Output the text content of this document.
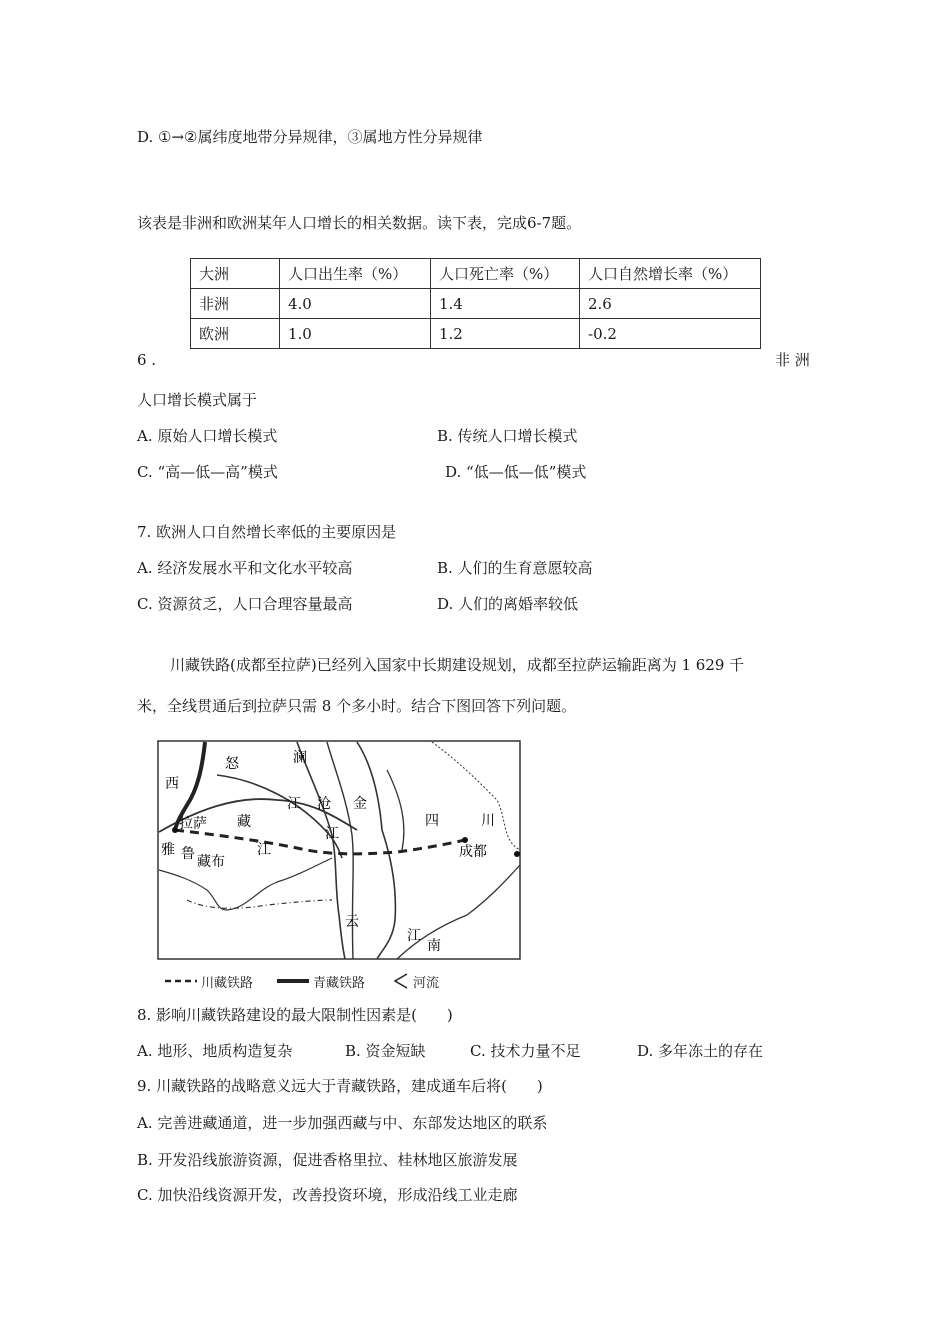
D. ①→②属纬度地带分异规律，③属地方性分异规律
该表是非洲和欧洲某年人口增长的相关数据。读下表，完成6-7题。
大洲	人口出生率（%）	人口死亡率（%）	人口自然增长率（%）
非洲	4.0	1.4	2.6
欧洲	1.0	1.2	-0.2
6 .	非 洲
人口增长模式属于
A. 原始人口增长模式	B. 传统人口增长模式
C. “高—低—高”模式	D. “低—低—低”模式
7. 欧洲人口自然增长率低的主要原因是
A. 经济发展水平和文化水平较高	B. 人们的生育意愿较高
C. 资源贫乏，人口合理容量最高	D. 人们的离婚率较低
川藏铁路(成都至拉萨)已经列入国家中长期建设规划，成都至拉萨运输距离为 1 629 千
米，全线贯通后到拉萨只需 8 个多小时。结合下图回答下列问题。
西
怒	澜
江 沧 金
拉萨 藏
江
四	川
雅 鲁 藏布
江	成都
云
江
南
川藏铁路	青藏铁路	河流
8. 影响川藏铁路建设的最大限制性因素是(　　)
A. 地形、地质构造复杂	B. 资金短缺	C. 技术力量不足	D. 多年冻土的存在
9. 川藏铁路的战略意义远大于青藏铁路，建成通车后将(　　)
A. 完善进藏通道，进一步加强西藏与中、东部发达地区的联系
B. 开发沿线旅游资源，促进香格里拉、桂林地区旅游发展
C. 加快沿线资源开发，改善投资环境，形成沿线工业走廊
